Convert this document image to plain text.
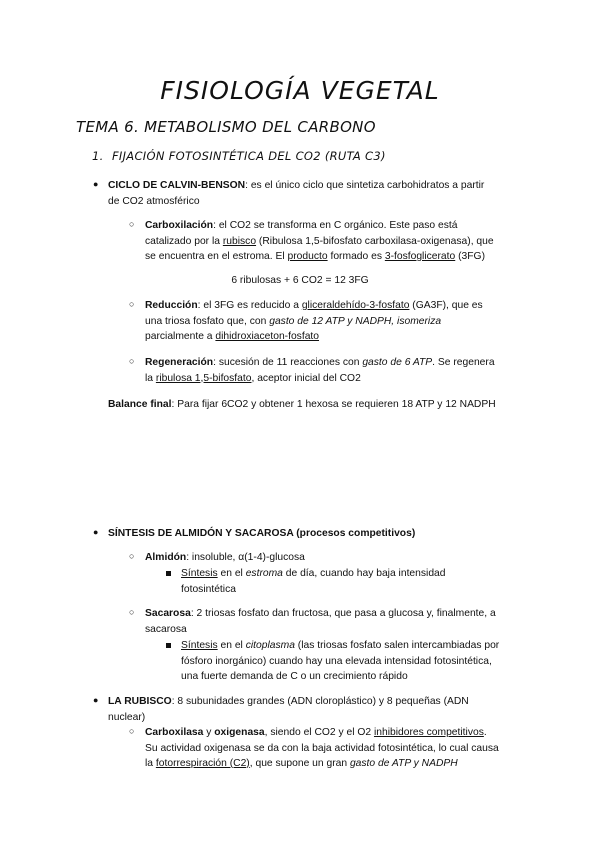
FISIOLOGÍA VEGETAL
TEMA 6. METABOLISMO DEL CARBONO
1. FIJACIÓN FOTOSINTÉTICA DEL CO2 (RUTA C3)
● CICLO DE CALVIN-BENSON: es el único ciclo que sintetiza carbohidratos a partir
de CO2 atmosférico
○ Carboxilación: el CO2 se transforma en C orgánico. Este paso está
catalizado por la rubisco (Ribulosa 1,5-bifosfato carboxilasa-oxigenasa), que
se encuentra en el estroma. El producto formado es 3-fosfoglicerato (3FG)
6 ribulosas + 6 CO2 = 12 3FG
○ Reducción: el 3FG es reducido a gliceraldehído-3-fosfato (GA3F), que es
una triosa fosfato que, con gasto de 12 ATP y NADPH, isomeriza
parcialmente a dihidroxiaceton-fosfato
○ Regeneración: sucesión de 11 reacciones con gasto de 6 ATP. Se regenera
la ribulosa 1,5-bifosfato, aceptor inicial del CO2
Balance final: Para fijar 6CO2 y obtener 1 hexosa se requieren 18 ATP y 12 NADPH
● SÍNTESIS DE ALMIDÓN Y SACAROSA (procesos competitivos)
○ Almidón: insoluble, α(1-4)-glucosa
Síntesis en el estroma de día, cuando hay baja intensidad
fotosintética
○ Sacarosa: 2 triosas fosfato dan fructosa, que pasa a glucosa y, finalmente, a
sacarosa
Síntesis en el citoplasma (las triosas fosfato salen intercambiadas por
fósforo inorgánico) cuando hay una elevada intensidad fotosintética,
una fuerte demanda de C o un crecimiento rápido
● LA RUBISCO: 8 subunidades grandes (ADN cloroplástico) y 8 pequeñas (ADN
nuclear)
○ Carboxilasa y oxigenasa, siendo el CO2 y el O2 inhibidores competitivos.
Su actividad oxigenasa se da con la baja actividad fotosintética, lo cual causa
la fotorrespiración (C2), que supone un gran gasto de ATP y NADPH
